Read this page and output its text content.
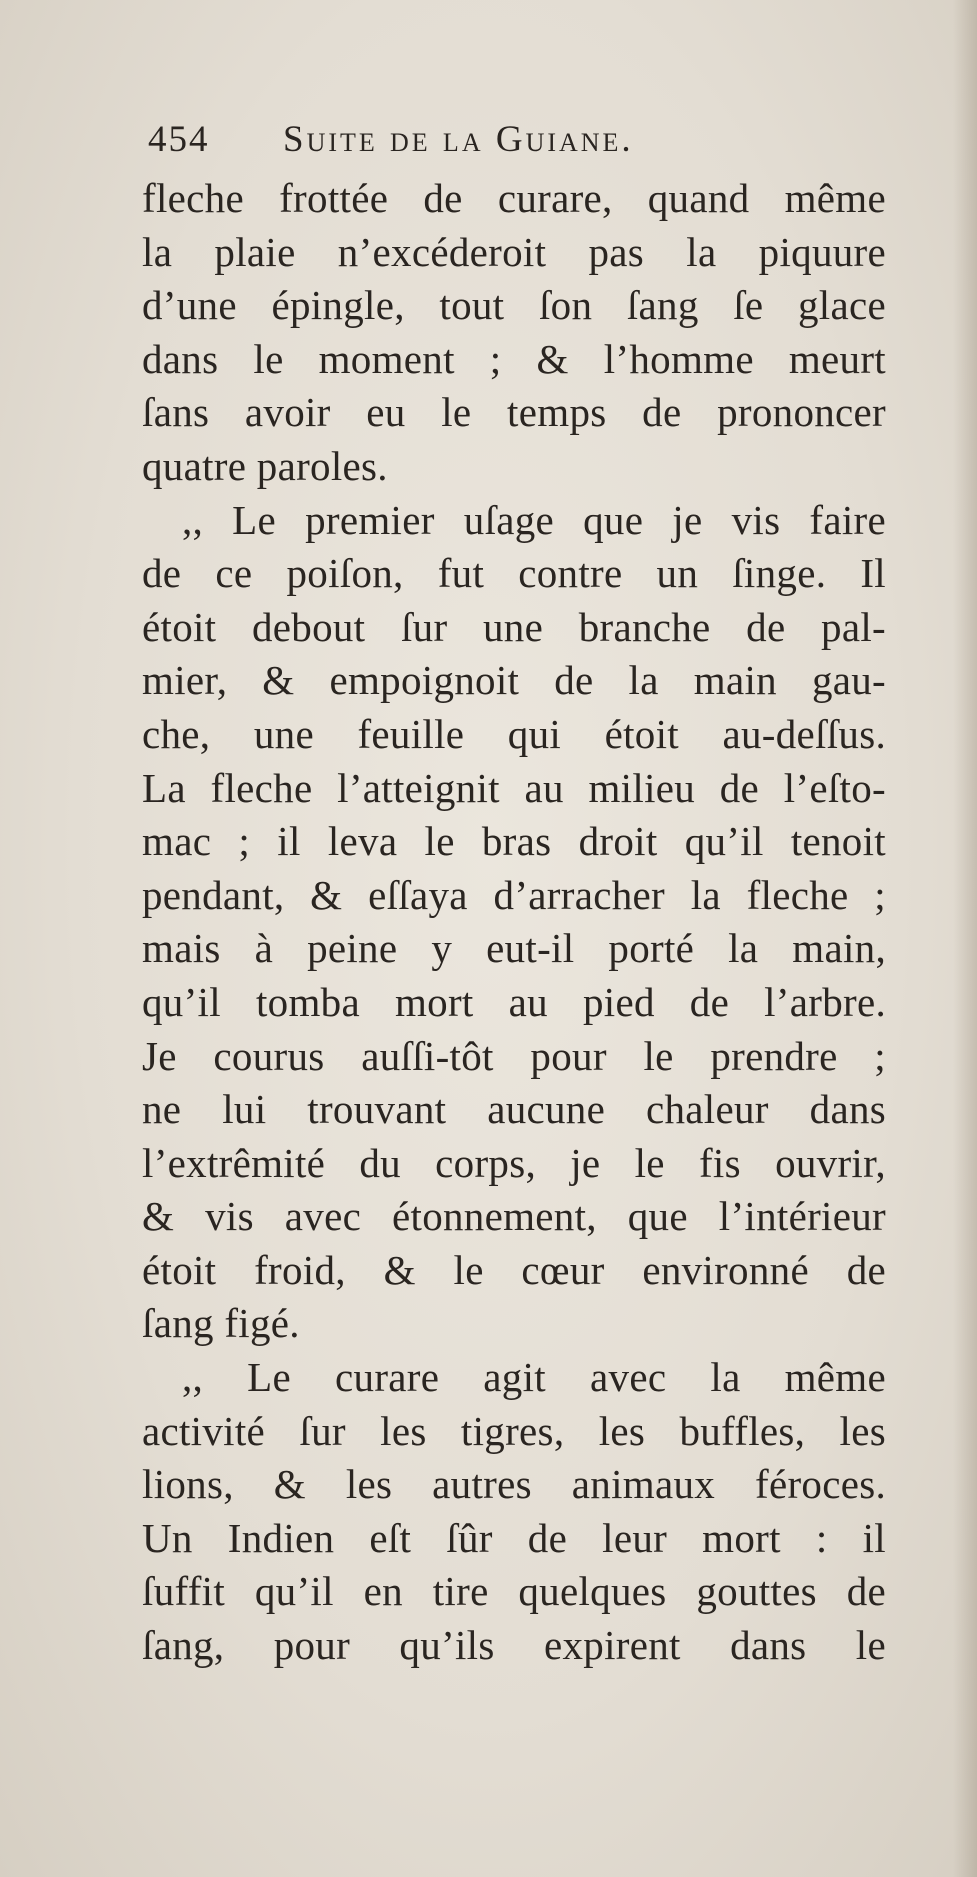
454 Suite de la Guiane.
fleche frottée de curare, quand même
la plaie n’excéderoit pas la piquure
d’une épingle, tout ſon ſang ſe glace
dans le moment ; & l’homme meurt
ſans avoir eu le temps de prononcer
quatre paroles.
,, Le premier uſage que je vis faire
de ce poiſon, fut contre un ſinge. Il
étoit debout ſur une branche de pal-
mier, & empoignoit de la main gau-
che, une feuille qui étoit au-deſſus.
La fleche l’atteignit au milieu de l’eſto-
mac ; il leva le bras droit qu’il tenoit
pendant, & eſſaya d’arracher la fleche ;
mais à peine y eut-il porté la main,
qu’il tomba mort au pied de l’arbre.
Je courus auſſi-tôt pour le prendre ;
ne lui trouvant aucune chaleur dans
l’extrêmité du corps, je le fis ouvrir,
& vis avec étonnement, que l’intérieur
étoit froid, & le cœur environné de
ſang figé.
,, Le curare agit avec la même
activité ſur les tigres, les buffles, les
lions, & les autres animaux féroces.
Un Indien eſt ſûr de leur mort : il
ſuffit qu’il en tire quelques gouttes de
ſang, pour qu’ils expirent dans le
